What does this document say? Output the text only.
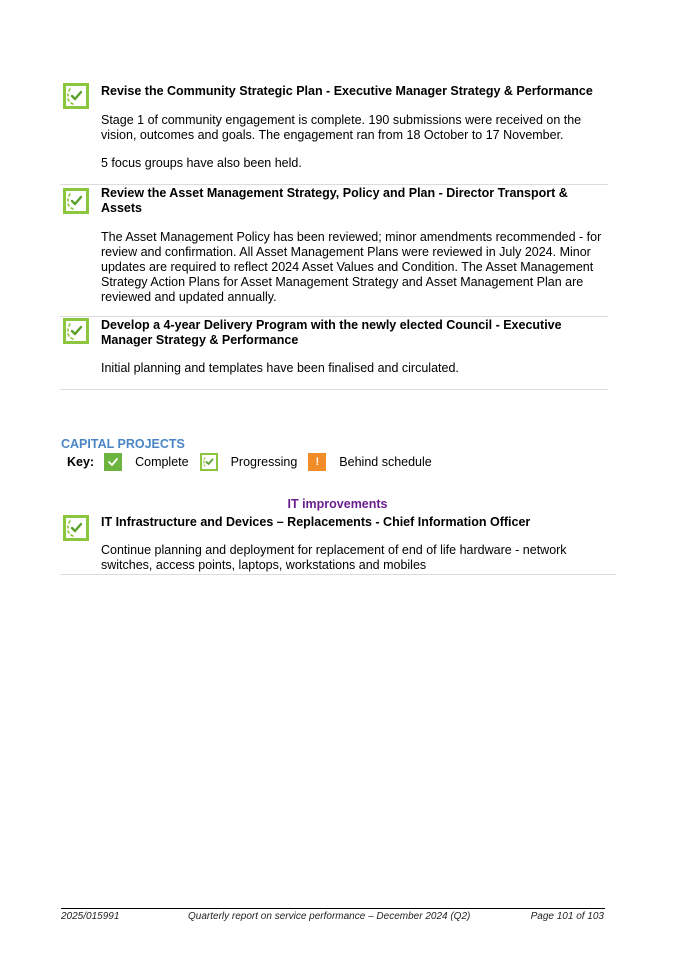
Revise the Community Strategic Plan - Executive Manager Strategy & Performance

Stage 1 of community engagement is complete. 190 submissions were received on the vision, outcomes and goals. The engagement ran from 18 October to 17 November.

5 focus groups have also been held.

Review the Asset Management Strategy, Policy and Plan - Director Transport & Assets

The Asset Management Policy has been reviewed; minor amendments recommended - for review and confirmation. All Asset Management Plans were reviewed in July 2024. Minor updates are required to reflect 2024 Asset Values and Condition. The Asset Management Strategy Action Plans for Asset Management Strategy and Asset Management Plan are reviewed and updated annually.

Develop a 4-year Delivery Program with the newly elected Council - Executive Manager Strategy & Performance

Initial planning and templates have been finalised and circulated.

CAPITAL PROJECTS
Key:	Complete	Progressing	!	Behind schedule
IT improvements
IT Infrastructure and Devices – Replacements - Chief Information Officer

Continue planning and deployment for replacement of end of life hardware - network switches, access points, laptops, workstations and mobiles

2025/015991	Quarterly report on service performance – December 2024 (Q2)	Page 101 of 103
